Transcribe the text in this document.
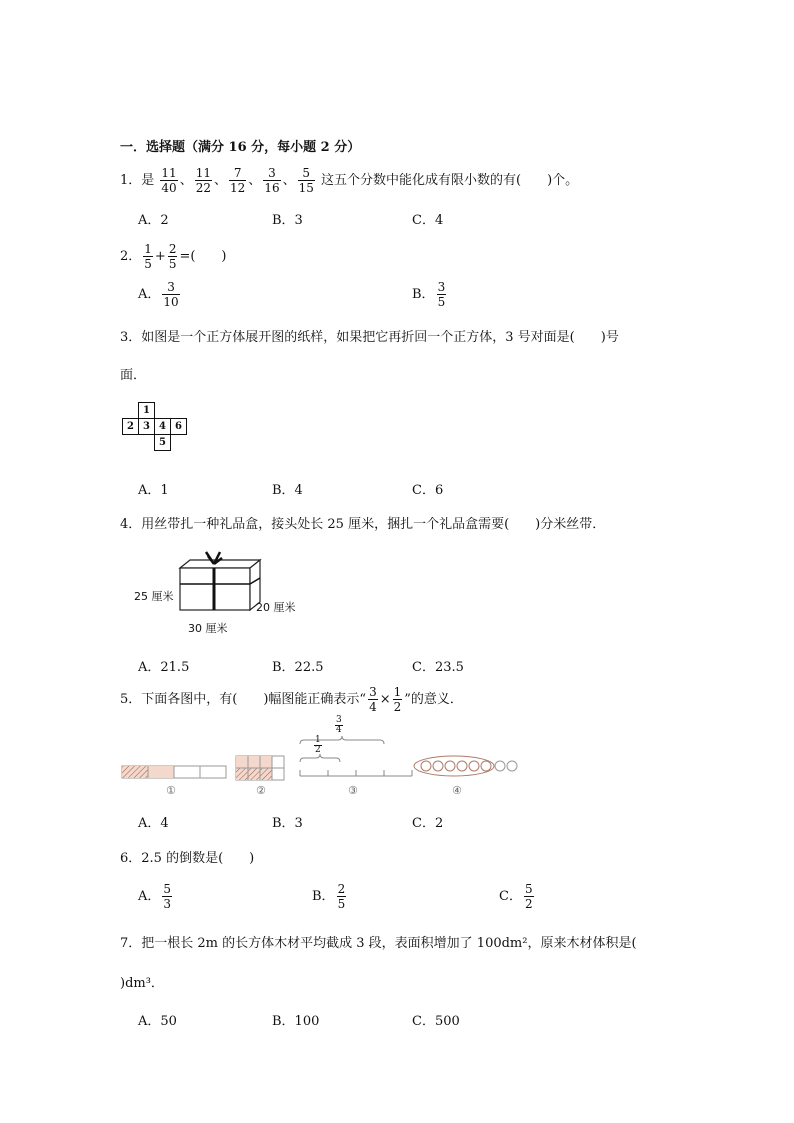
一．选择题（满分 16 分，每小题 2 分）
1．是 $\frac{11}{40}$ 、 $\frac{11}{22}$ 、 $\frac{7}{12}$ 、 $\frac{3}{16}$ 、 $\frac{5}{15}$ 这五个分数中能化成有限小数的有(　　)个。
A．2	B．3	C．4
2． $\frac{1}{5} + \frac{2}{5}$ =(　　)
A． $\frac{3}{10}$	B． $\frac{3}{5}$
3．如图是一个正方体展开图的纸样，如果把它再折回一个正方体，3 号对面是(　　)号
面．
	1		
2	3	4	6
		5	
A．1	B．4	C．6
4．用丝带扎一种礼品盒，接头处长 25 厘米，捆扎一个礼品盒需要(　　)分米丝带．
25 厘米
20 厘米
30 厘米
A．21.5	B．22.5	C．23.5
5．下面各图中，有(　　)幅图能正确表示“ $\frac{3}{4} \times \frac{1}{2}$ ”的意义．
$\frac{3}{4}$
$\frac{1}{2}$
①	②	③	④
A．4	B．3	C．2
6．2.5 的倒数是(　　)
A． $\frac{5}{3}$	B． $\frac{2}{5}$	C． $\frac{5}{2}$
7．把一根长 2m 的长方体木材平均截成 3 段，表面积增加了 100dm²，原来木材体积是(
)dm³．
A．50	B．100	C．500
